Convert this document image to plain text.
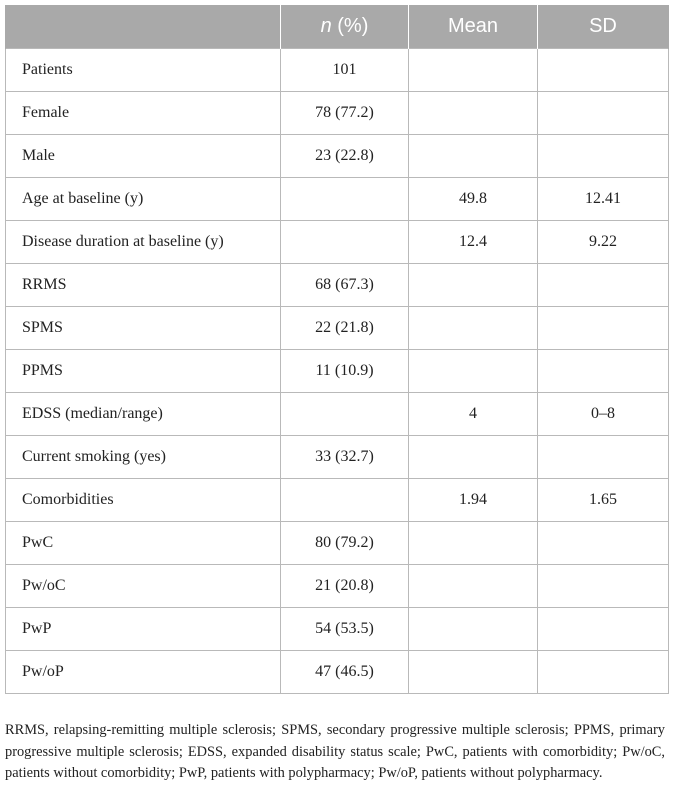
	n (%)	Mean	SD
Patients	101		
Female	78 (77.2)		
Male	23 (22.8)		
Age at baseline (y)		49.8	12.41
Disease duration at baseline (y)		12.4	9.22
RRMS	68 (67.3)		
SPMS	22 (21.8)		
PPMS	11 (10.9)		
EDSS (median/range)		4	0–8
Current smoking (yes)	33 (32.7)		
Comorbidities		1.94	1.65
PwC	80 (79.2)		
Pw/oC	21 (20.8)		
PwP	54 (53.5)		
Pw/oP	47 (46.5)		

RRMS, relapsing-remitting multiple sclerosis; SPMS, secondary progressive multiple sclerosis; PPMS, primary progressive multiple sclerosis; EDSS, expanded disability status scale; PwC, patients with comorbidity; Pw/oC, patients without comorbidity; PwP, patients with polypharmacy; Pw/oP, patients without polypharmacy.
